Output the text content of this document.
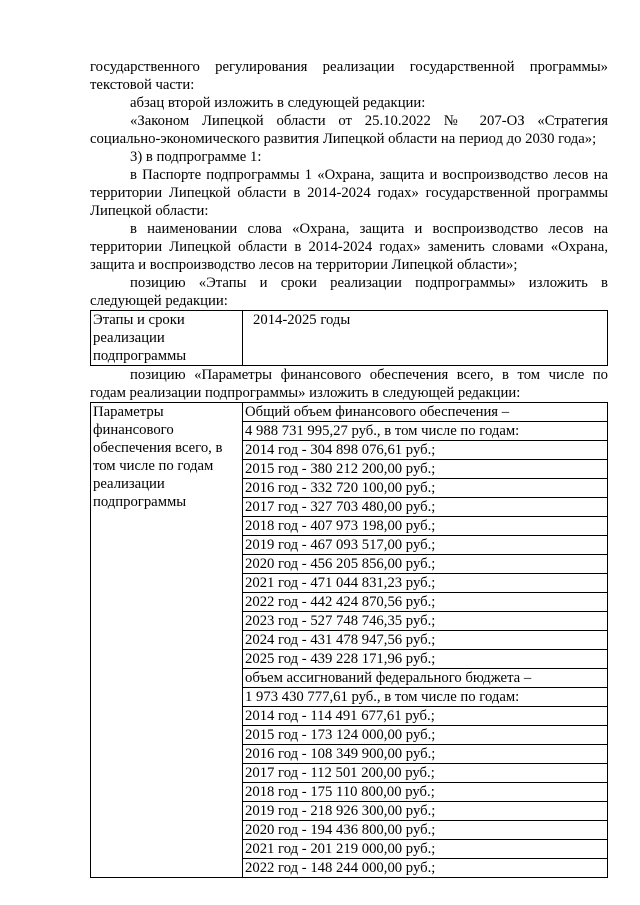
государственного регулирования реализации государственной программы» текстовой части:

абзац второй изложить в следующей редакции:

«Законом Липецкой области от 25.10.2022 № 207-ОЗ «Стратегия социально-экономического развития Липецкой области на период до 2030 года»;

3) в подпрограмме 1:

в Паспорте подпрограммы 1 «Охрана, защита и воспроизводство лесов на территории Липецкой области в 2014-2024 годах» государственной программы Липецкой области:

в наименовании слова «Охрана, защита и воспроизводство лесов на территории Липецкой области в 2014-2024 годах» заменить словами «Охрана, защита и воспроизводство лесов на территории Липецкой области»;

позицию «Этапы и сроки реализации подпрограммы» изложить в следующей редакции:

Этапы и сроки реализации подпрограммы	2014-2025 годы

позицию «Параметры финансового обеспечения всего, в том числе по годам реализации подпрограммы» изложить в следующей редакции:

Параметры финансового обеспечения всего, в том числе по годам реализации подпрограммы	
Общий объем финансового обеспечения –
4 988 731 995,27 руб., в том числе по годам:
2014 год - 304 898 076,61 руб.;
2015 год - 380 212 200,00 руб.;
2016 год - 332 720 100,00 руб.;
2017 год - 327 703 480,00 руб.;
2018 год - 407 973 198,00 руб.;
2019 год - 467 093 517,00 руб.;
2020 год - 456 205 856,00 руб.;
2021 год - 471 044 831,23 руб.;
2022 год - 442 424 870,56 руб.;
2023 год - 527 748 746,35 руб.;
2024 год - 431 478 947,56 руб.;
2025 год - 439 228 171,96 руб.;
объем ассигнований федерального бюджета –
1 973 430 777,61 руб., в том числе по годам:
2014 год - 114 491 677,61 руб.;
2015 год - 173 124 000,00 руб.;
2016 год - 108 349 900,00 руб.;
2017 год - 112 501 200,00 руб.;
2018 год - 175 110 800,00 руб.;
2019 год - 218 926 300,00 руб.;
2020 год - 194 436 800,00 руб.;
2021 год - 201 219 000,00 руб.;
2022 год - 148 244 000,00 руб.;
